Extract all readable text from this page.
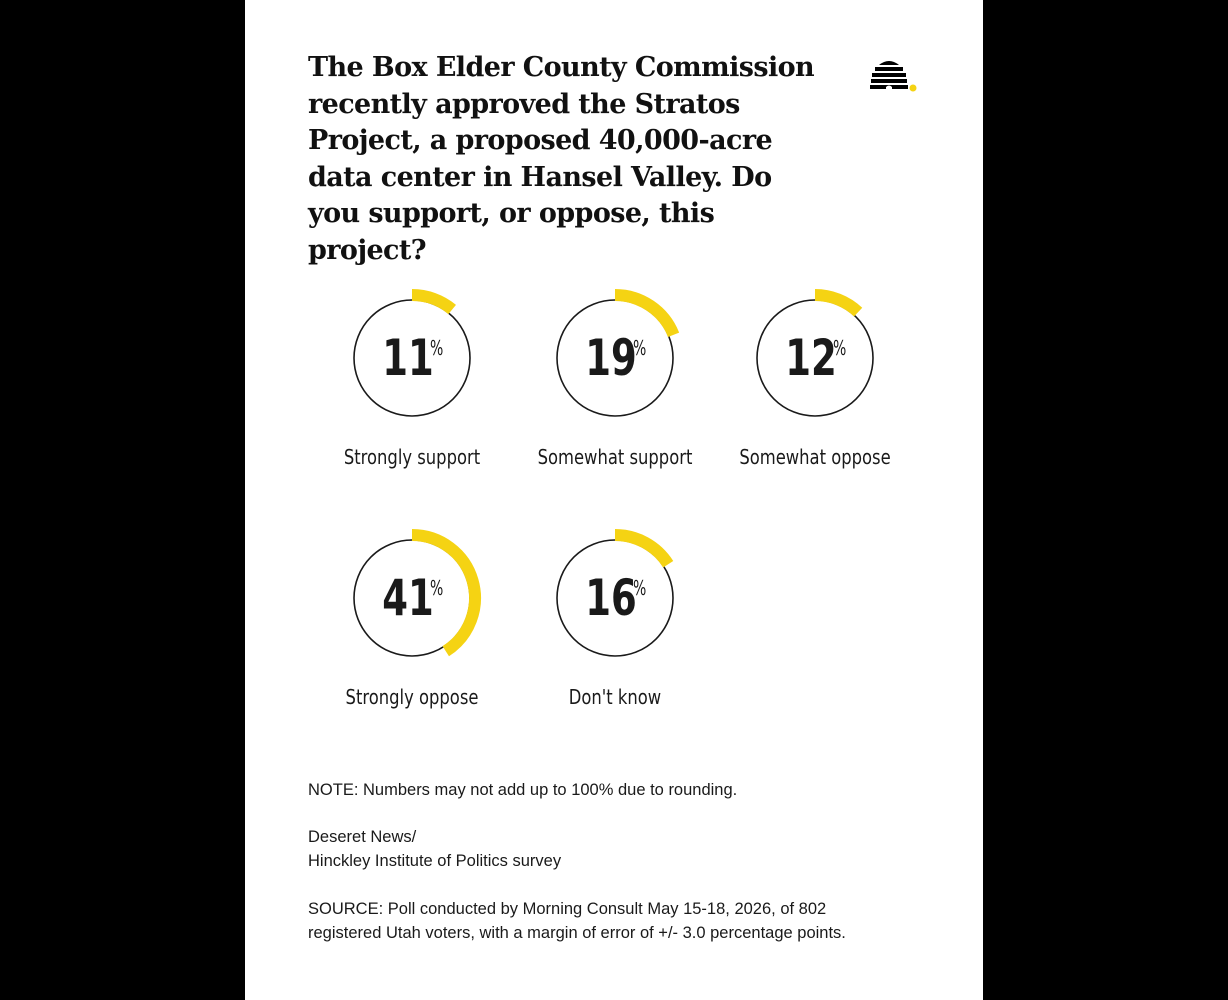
The Box Elder County Commission recently approved the Stratos Project, a proposed 40,000-acre data center in Hansel Valley. Do you support, or oppose, this project?
11
%
Strongly support
19
%
Somewhat support
12
%
Somewhat oppose
41
%
Strongly oppose
16
%
Don't know

NOTE: Numbers may not add up to 100% due to rounding.

Deseret News/
Hinckley Institute of Politics survey

SOURCE: Poll conducted by Morning Consult May 15-18, 2026, of 802
registered Utah voters, with a margin of error of +/- 3.0 percentage points.
